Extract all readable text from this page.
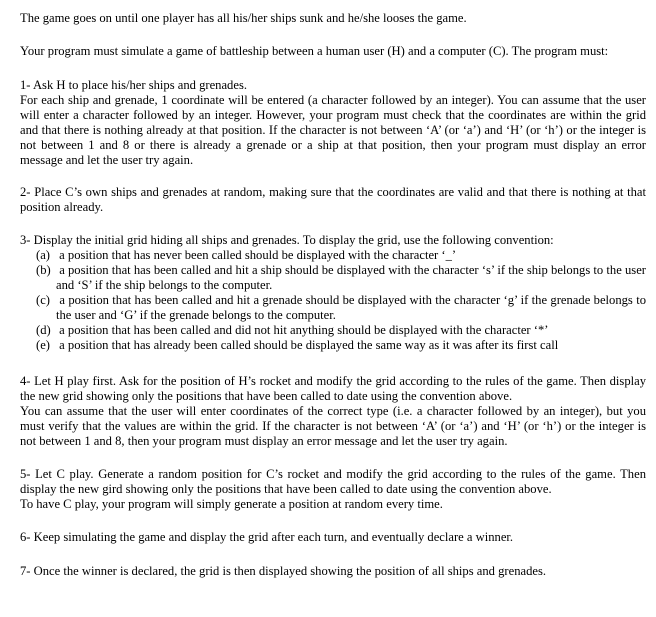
The game goes on until one player has all his/her ships sunk and he/she looses the game.

Your program must simulate a game of battleship between a human user (H) and a computer (C). The program must:

1- Ask H to place his/her ships and grenades.

For each ship and grenade, 1 coordinate will be entered (a character followed by an integer). You can assume that the user will enter a character followed by an integer. However, your program must check that the coordinates are within the grid and that there is nothing already at that position. If the character is not between ‘A’ (or ‘a’) and ‘H’ (or ‘h’) or the integer is not between 1 and 8 or there is already a grenade or a ship at that position, then your program must display an error message and let the user try again.

2- Place C’s own ships and grenades at random, making sure that the coordinates are valid and that there is nothing at that position already.

3- Display the initial grid hiding all ships and grenades. To display the grid, use the following convention:

(a) a position that has never been called should be displayed with the character ‘_’
(b) a position that has been called and hit a ship should be displayed with the character ‘s’ if the ship belongs to the user and ‘S’ if the ship belongs to the computer.
(c) a position that has been called and hit a grenade should be displayed with the character ‘g’ if the grenade belongs to the user and ‘G’ if the grenade belongs to the computer.
(d) a position that has been called and did not hit anything should be displayed with the character ‘*’
(e) a position that has already been called should be displayed the same way as it was after its first call

4- Let H play first. Ask for the position of H’s rocket and modify the grid according to the rules of the game. Then display the new grid showing only the positions that have been called to date using the convention above.

You can assume that the user will enter coordinates of the correct type (i.e. a character followed by an integer), but you must verify that the values are within the grid. If the character is not between ‘A’ (or ‘a’) and ‘H’ (or ‘h’) or the integer is not between 1 and 8, then your program must display an error message and let the user try again.

5- Let C play. Generate a random position for C’s rocket and modify the grid according to the rules of the game. Then display the new gird showing only the positions that have been called to date using the convention above.

To have C play, your program will simply generate a position at random every time.

6- Keep simulating the game and display the grid after each turn, and eventually declare a winner.

7- Once the winner is declared, the grid is then displayed showing the position of all ships and grenades.
